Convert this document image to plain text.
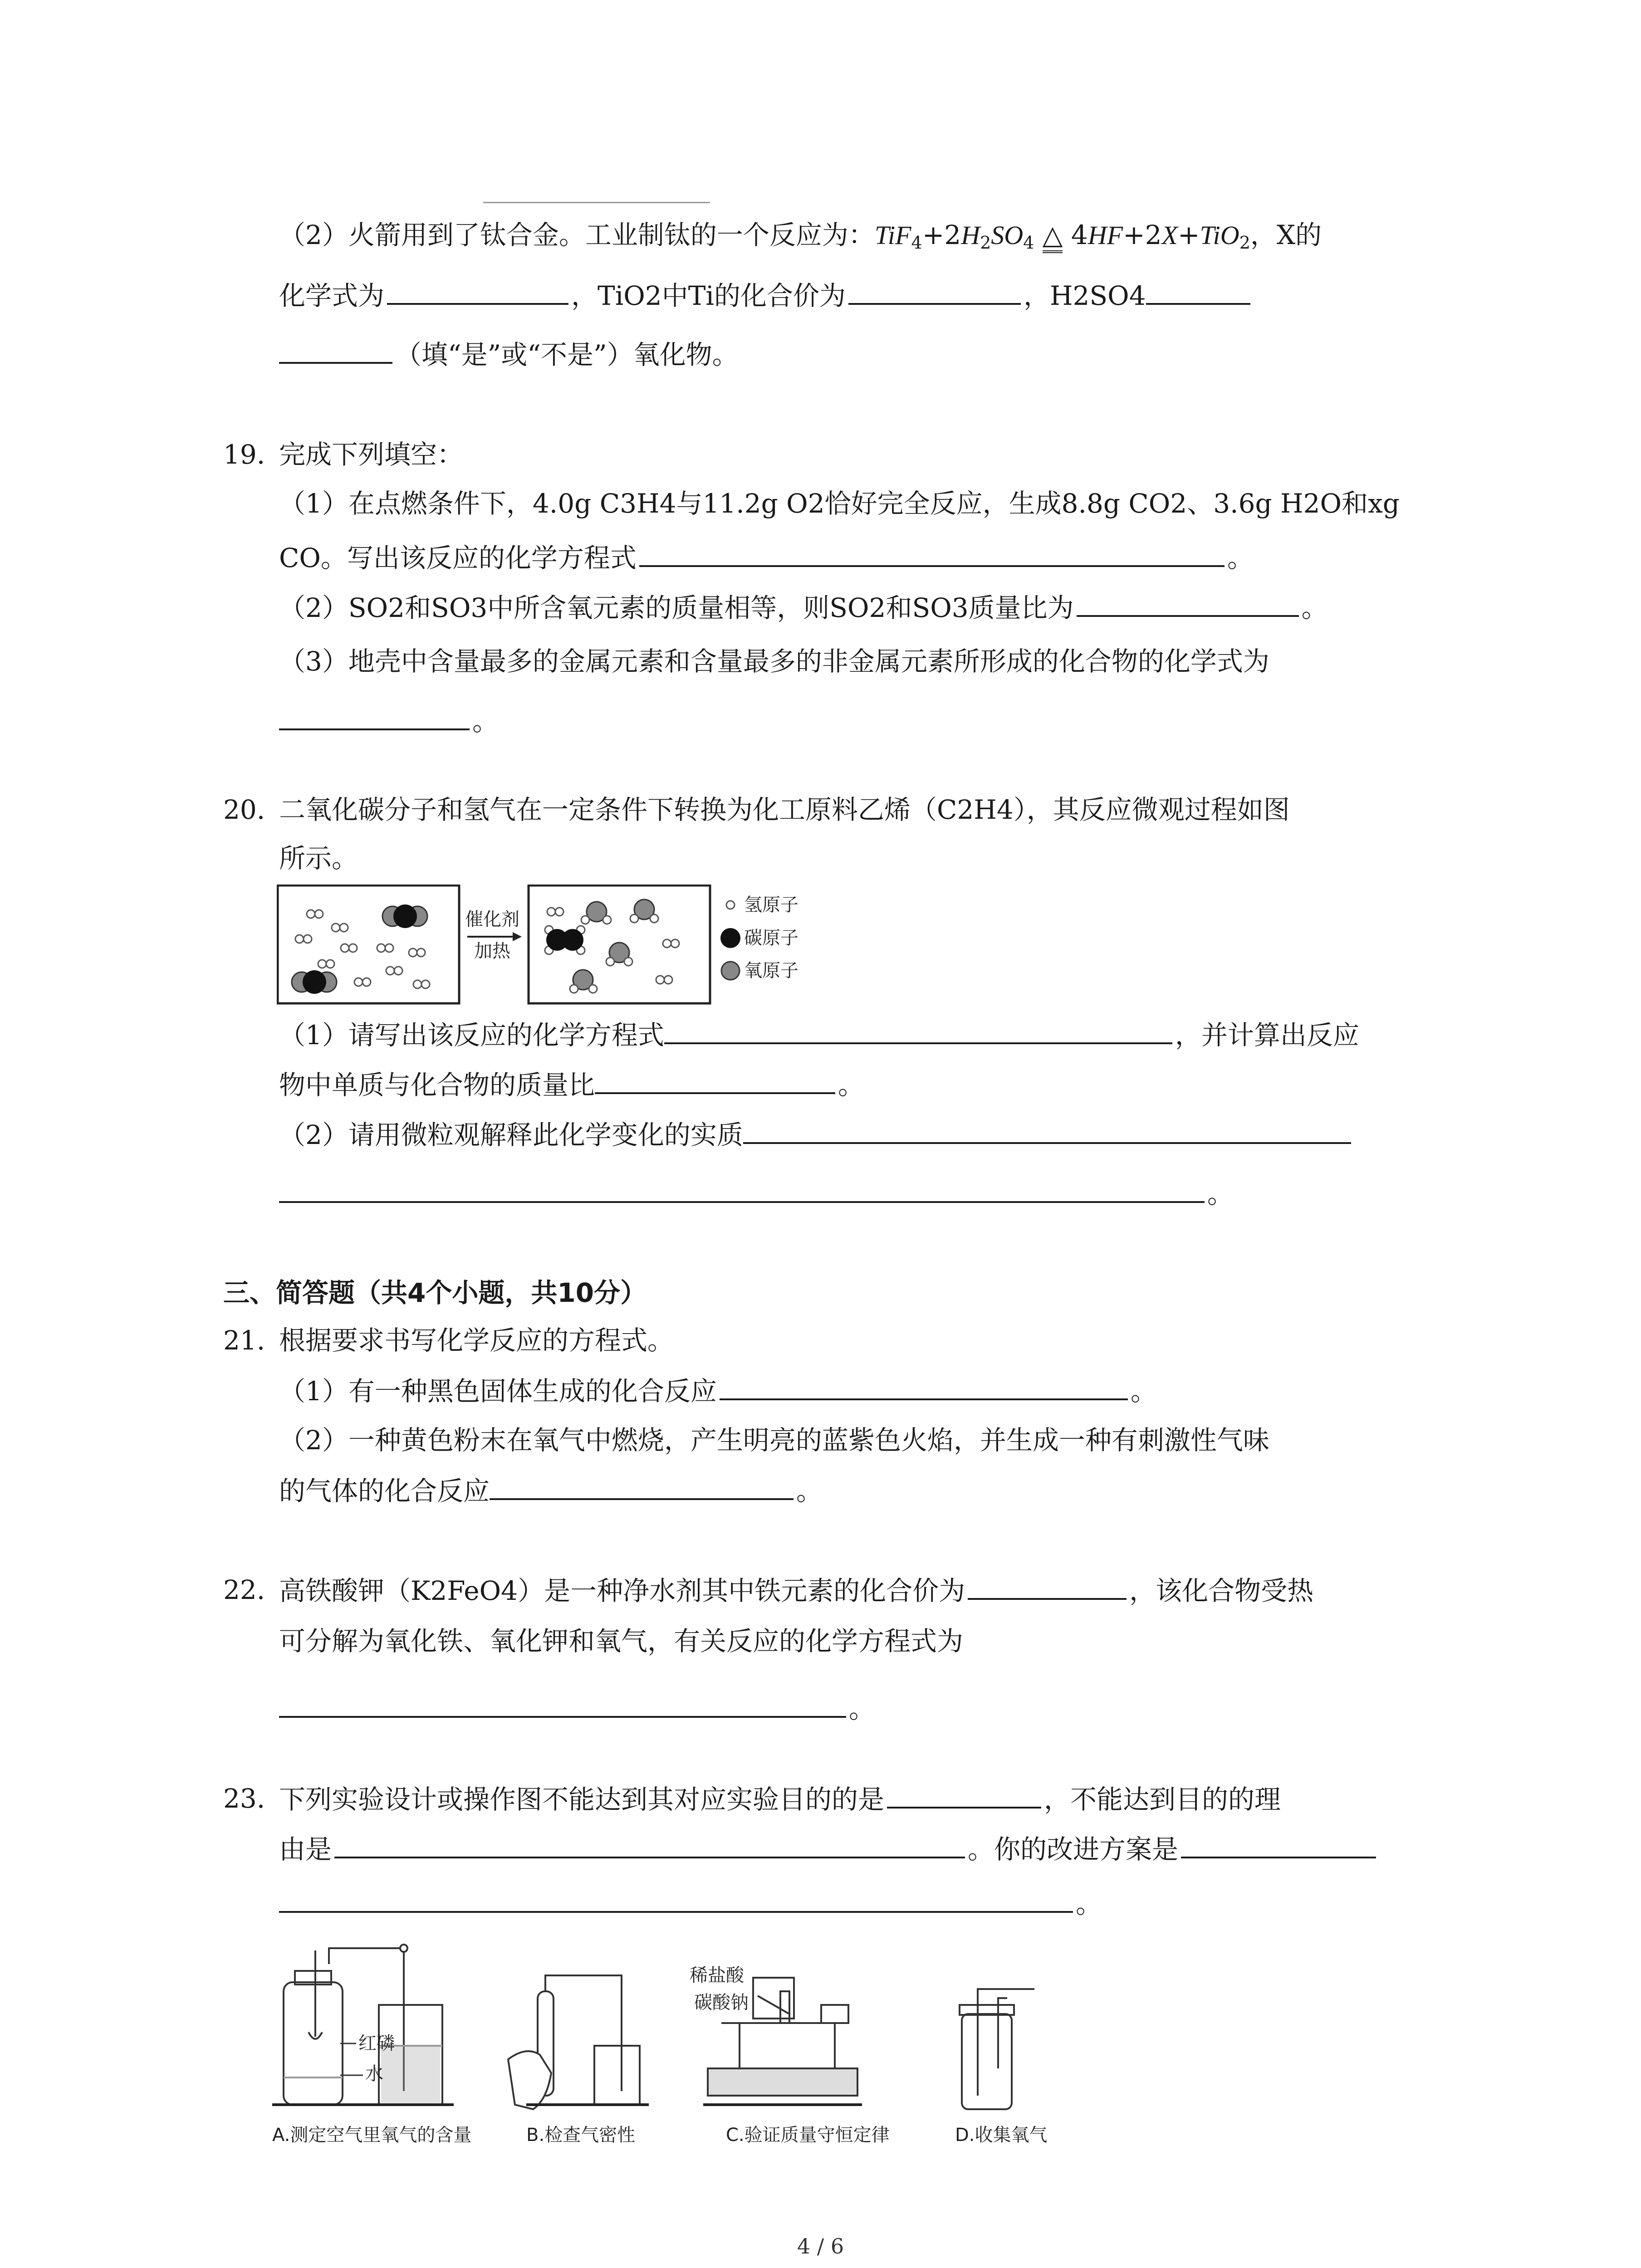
（2）火箭用到了钛合金。工业制钛的一个反应为：$TiF_4+2H_2SO_4$ △ 4HF+2X+TiO$_2$，X的
化学式为	，TiO2中Ti的化合价为	，H2SO4
（填“是”或“不是”）氧化物。
19. 完成下列填空：
（1）在点燃条件下，4.0g C3H4与11.2g O2恰好完全反应，生成8.8g CO2、3.6g H2O和xg
CO。写出该反应的化学方程式	。
（2）SO2和SO3中所含氧元素的质量相等，则SO2和SO3质量比为	。
（3）地壳中含量最多的金属元素和含量最多的非金属元素所形成的化合物的化学式为
。
20. 二氧化碳分子和氢气在一定条件下转换为化工原料乙烯（C2H4），其反应微观过程如图
所示。
催化剂
加热
氢原子
碳原子
氧原子
（1）请写出该反应的化学方程式	，并计算出反应
物中单质与化合物的质量比	。
（2）请用微粒观解释此化学变化的实质
。
三、简答题（共4个小题，共10分）
21. 根据要求书写化学反应的方程式。
（1）有一种黑色固体生成的化合反应	。
（2）一种黄色粉末在氧气中燃烧，产生明亮的蓝紫色火焰，并生成一种有刺激性气味
的气体的化合反应	。
22. 高铁酸钾（K2FeO4）是一种净水剂其中铁元素的化合价为	，该化合物受热
可分解为氧化铁、氧化钾和氧气，有关反应的化学方程式为
。
23. 下列实验设计或操作图不能达到其对应实验目的的是	，不能达到目的的理
由是	。你的改进方案是
。
红磷
水
A.测定空气里氧气的含量	B.检查气密性
稀盐酸
碳酸钠
C.验证质量守恒定律	D.收集氧气
4 / 6
